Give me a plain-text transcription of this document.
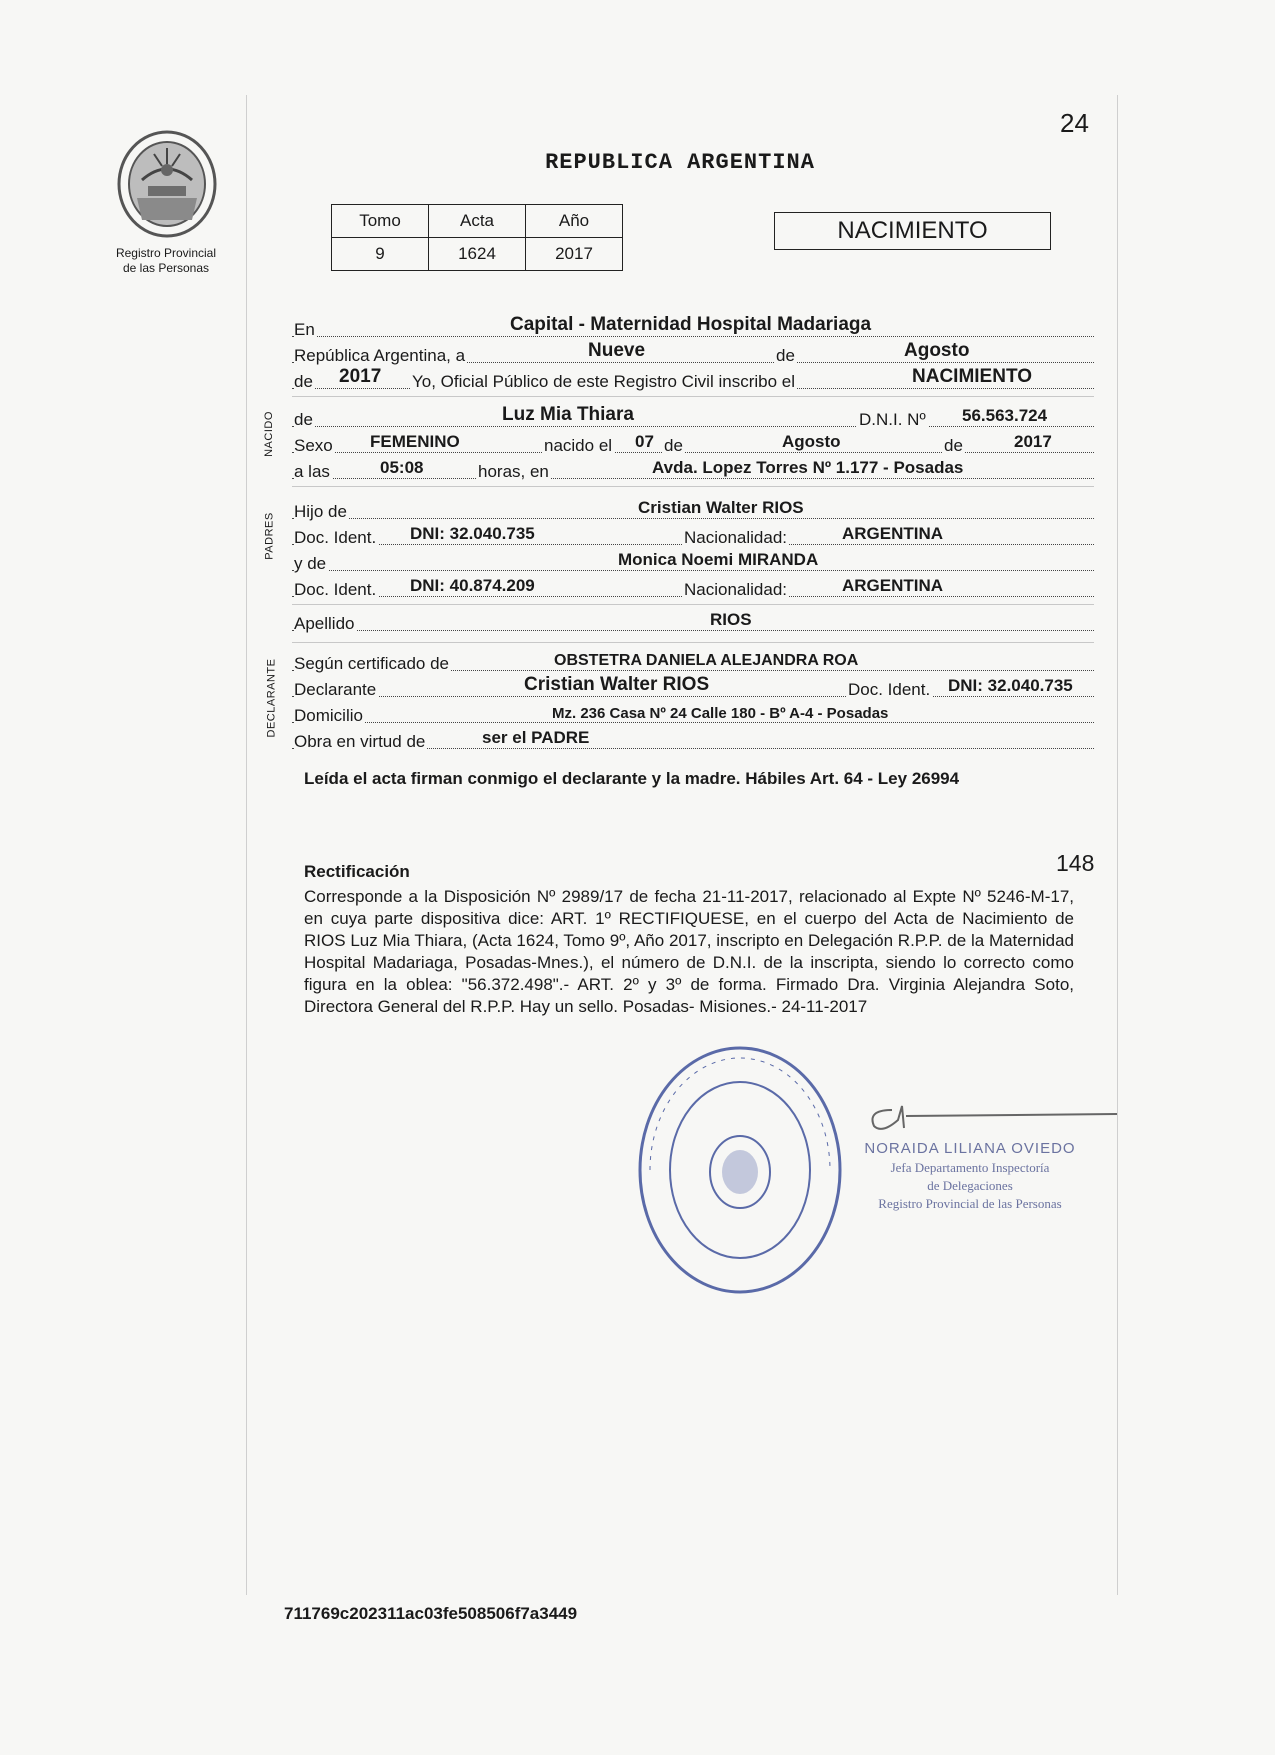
24
Registro Provincial
de las Personas
REPUBLICA ARGENTINA
Tomo	Acta	Año
9	1624	2017
NACIMIENTO
NACIDO
PADRES
DECLARANTE
En	Capital - Maternidad Hospital Madariaga
República Argentina, a	Nueve	de	Agosto
de 2017 Yo, Oficial Público de este Registro Civil inscribo el	NACIMIENTO
de	Luz Mia Thiara	D.N.I. Nº 56.563.724
Sexo FEMENINO	nacido el 07 de	Agosto	de	2017
a las	05:08	horas, en	Avda. Lopez Torres Nº 1.177 - Posadas
Hijo de	Cristian Walter RIOS
Doc. Ident. DNI: 32.040.735	Nacionalidad:	ARGENTINA
y de	Monica Noemi MIRANDA
Doc. Ident. DNI: 40.874.209	Nacionalidad:	ARGENTINA
Apellido	RIOS
Según certificado de	OBSTETRA DANIELA ALEJANDRA ROA
Declarante	Cristian Walter RIOS	Doc. Ident. DNI: 32.040.735
Domicilio	Mz. 236 Casa Nº 24 Calle 180 - Bº A-4 - Posadas
Obra en virtud de	ser el PADRE
Leída el acta firman conmigo el declarante y la madre. Hábiles Art. 64 - Ley 26994
Rectificación	148
Corresponde a la Disposición Nº 2989/17 de fecha 21-11-2017, relacionado al Expte Nº 5246-M-17, en cuya parte dispositiva dice: ART. 1º RECTIFIQUESE, en el cuerpo del Acta de Nacimiento de RIOS Luz Mia Thiara, (Acta 1624, Tomo 9º, Año 2017, inscripto en Delegación R.P.P. de la Maternidad Hospital Madariaga, Posadas-Mnes.), el número de D.N.I. de la inscripta, siendo lo correcto como figura en la oblea: "56.372.498".- ART. 2º y 3º de forma. Firmado Dra. Virginia Alejandra Soto, Directora General del R.P.P. Hay un sello. Posadas- Misiones.- 24-11-2017
NORAIDA LILIANA OVIEDO
Jefa Departamento Inspectoría
de Delegaciones
Registro Provincial de las Personas
711769c202311ac03fe508506f7a3449
